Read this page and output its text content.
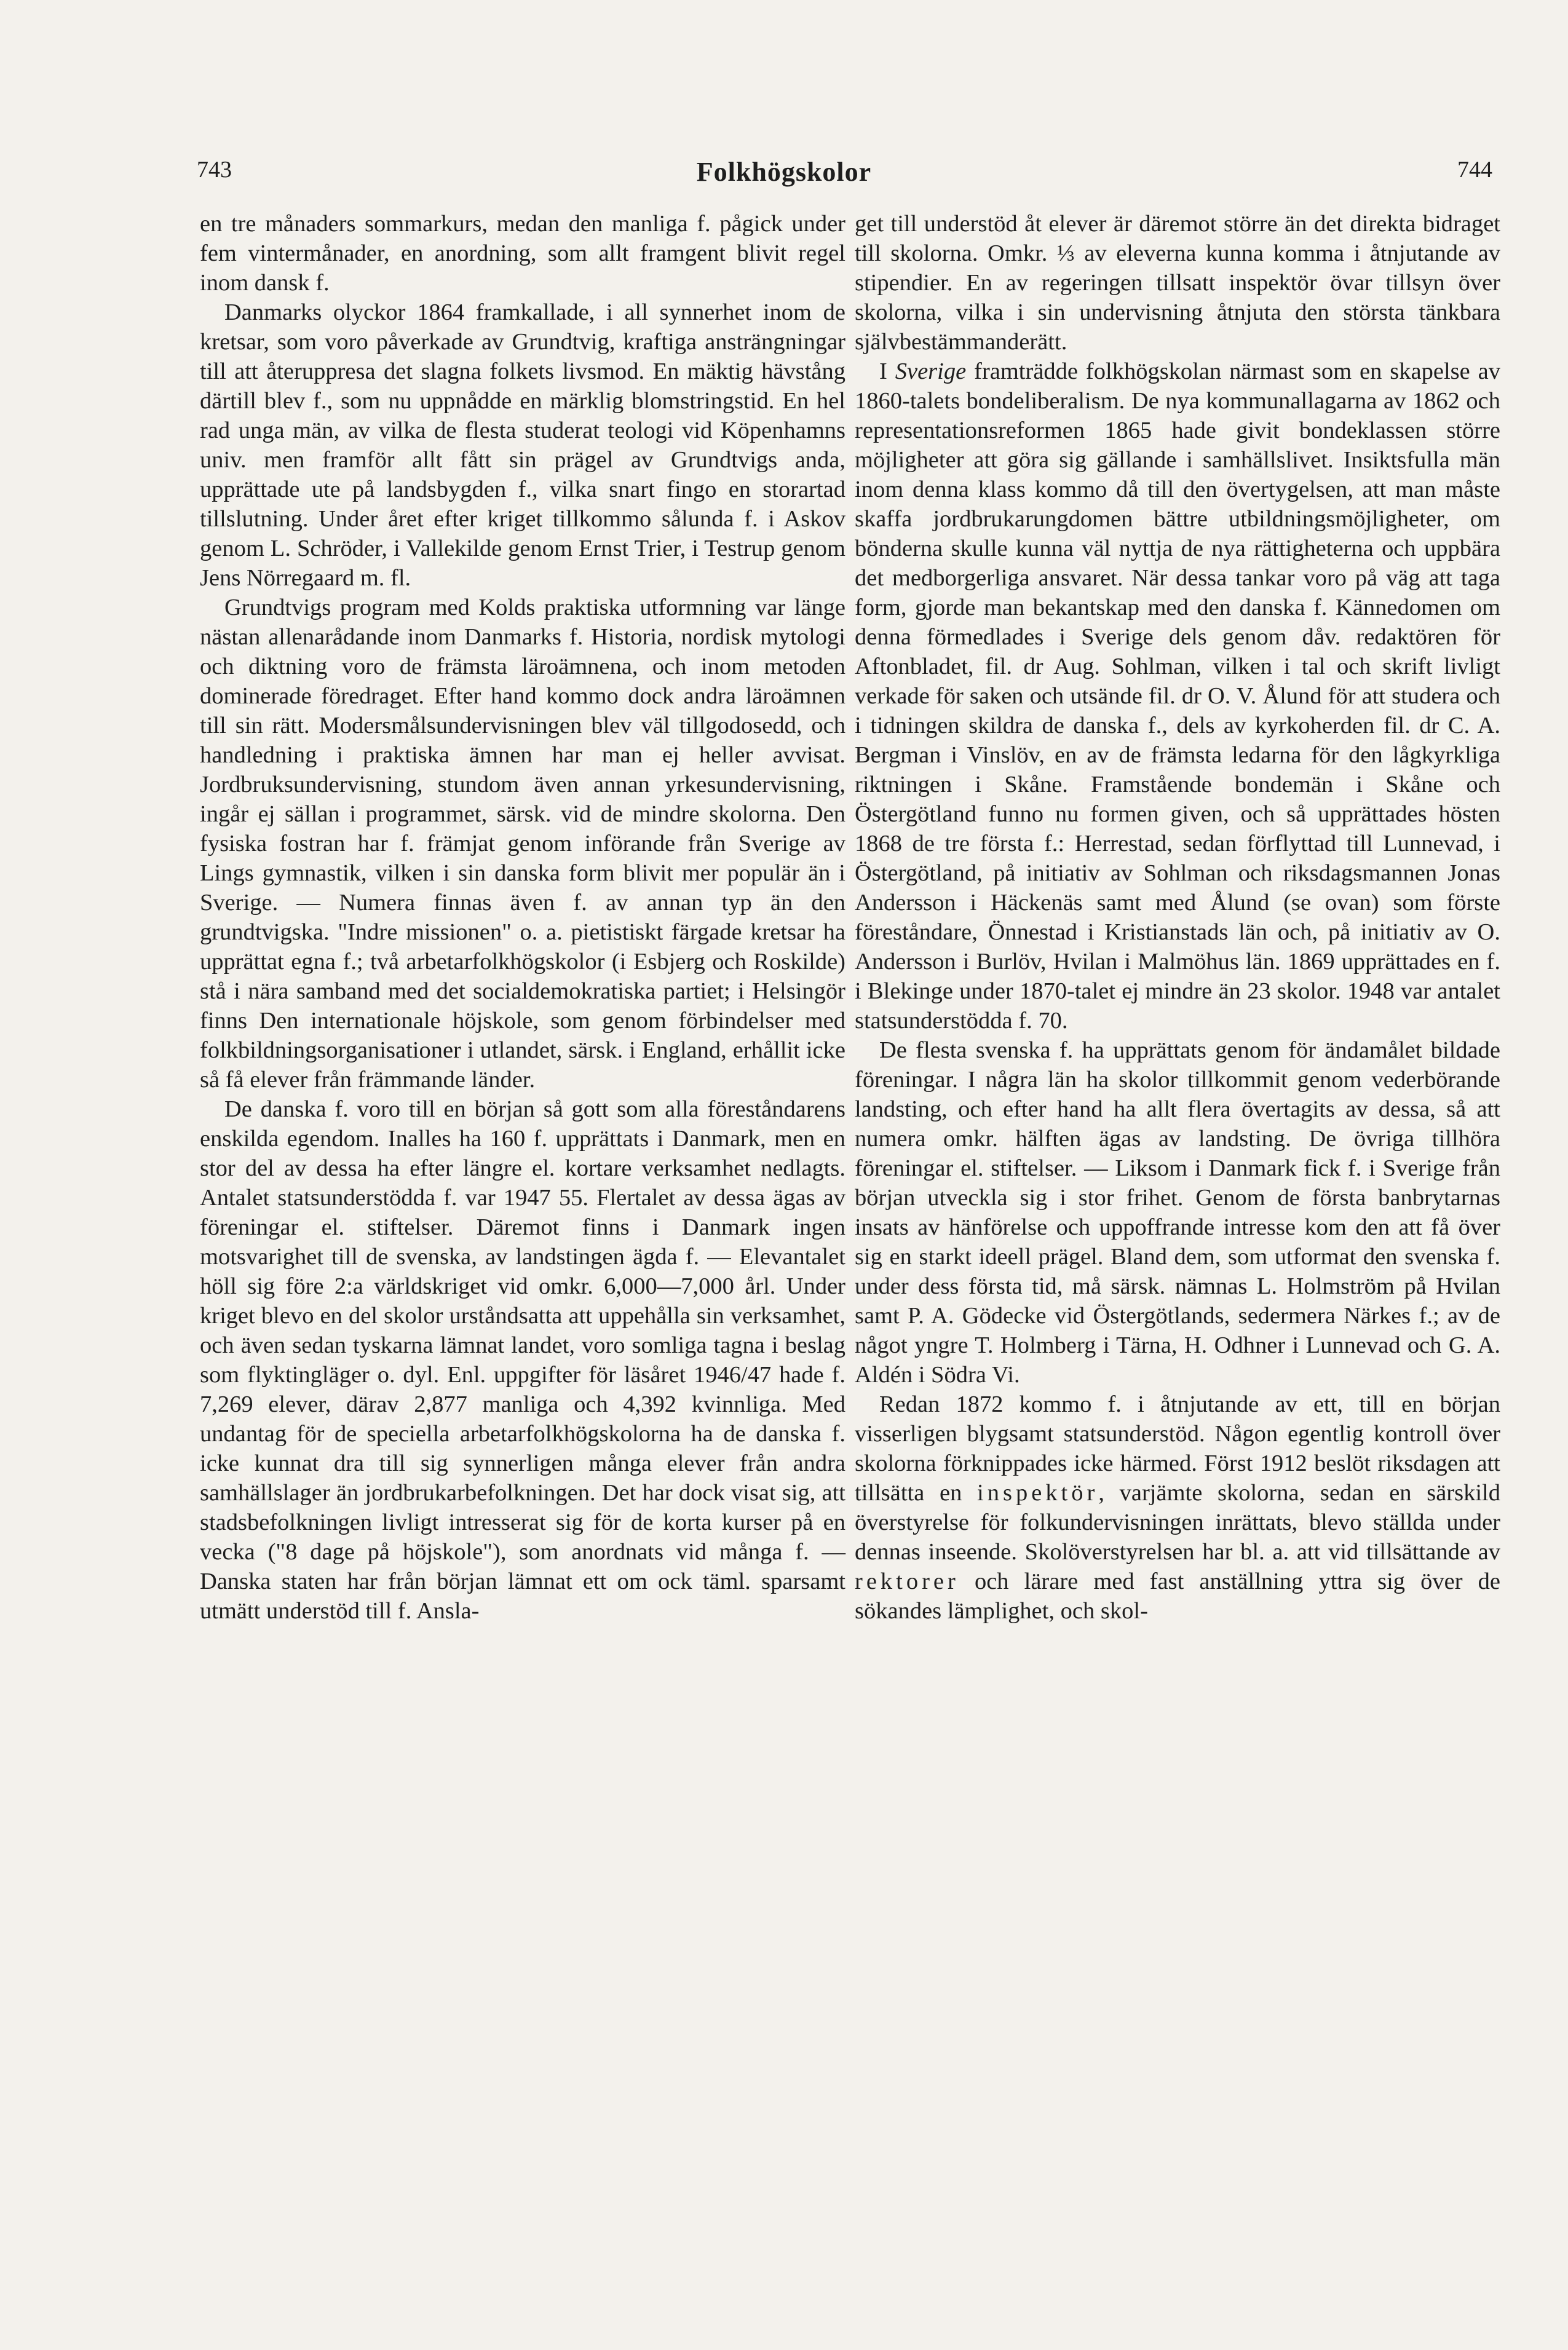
743	Folkhögskolor	744

en tre månaders sommarkurs, medan den manliga f. pågick under fem vintermånader, en anordning, som allt framgent blivit regel inom dansk f.

Danmarks olyckor 1864 framkallade, i all synnerhet inom de kretsar, som voro påverkade av Grundtvig, kraftiga ansträngningar till att återuppresa det slagna folkets livsmod. En mäktig hävstång därtill blev f., som nu uppnådde en märklig blomstringstid. En hel rad unga män, av vilka de flesta studerat teologi vid Köpenhamns univ. men framför allt fått sin prägel av Grundtvigs anda, upprättade ute på landsbygden f., vilka snart fingo en storartad tillslutning. Under året efter kriget tillkommo sålunda f. i Askov genom L. Schröder, i Vallekilde genom Ernst Trier, i Testrup genom Jens Nörregaard m. fl.

Grundtvigs program med Kolds praktiska utformning var länge nästan allenarådande inom Danmarks f. Historia, nordisk mytologi och diktning voro de främsta läroämnena, och inom metoden dominerade föredraget. Efter hand kommo dock andra läroämnen till sin rätt. Modersmålsundervisningen blev väl tillgodosedd, och handledning i praktiska ämnen har man ej heller avvisat. Jordbruksundervisning, stundom även annan yrkesundervisning, ingår ej sällan i programmet, särsk. vid de mindre skolorna. Den fysiska fostran har f. främjat genom införande från Sverige av Lings gymnastik, vilken i sin danska form blivit mer populär än i Sverige. — Numera finnas även f. av annan typ än den grundtvigska. "Indre missionen" o. a. pietistiskt färgade kretsar ha upprättat egna f.; två arbetarfolkhögskolor (i Esbjerg och Roskilde) stå i nära samband med det socialdemokratiska partiet; i Helsingör finns Den internationale höjskole, som genom förbindelser med folkbildningsorganisationer i utlandet, särsk. i England, erhållit icke så få elever från främmande länder.

De danska f. voro till en början så gott som alla föreståndarens enskilda egendom. Inalles ha 160 f. upprättats i Danmark, men en stor del av dessa ha efter längre el. kortare verksamhet nedlagts. Antalet statsunderstödda f. var 1947 55. Flertalet av dessa ägas av föreningar el. stiftelser. Däremot finns i Danmark ingen motsvarighet till de svenska, av landstingen ägda f. — Elevantalet höll sig före 2:a världskriget vid omkr. 6,000—7,000 årl. Under kriget blevo en del skolor urståndsatta att uppehålla sin verksamhet, och även sedan tyskarna lämnat landet, voro somliga tagna i beslag som flyktingläger o. dyl. Enl. uppgifter för läsåret 1946/47 hade f. 7,269 elever, därav 2,877 manliga och 4,392 kvinnliga. Med undantag för de speciella arbetarfolkhögskolorna ha de danska f. icke kunnat dra till sig synnerligen många elever från andra samhällslager än jordbrukarbefolkningen. Det har dock visat sig, att stadsbefolkningen livligt intresserat sig för de korta kurser på en vecka ("8 dage på höjskole"), som anordnats vid många f. — Danska staten har från början lämnat ett om ock täml. sparsamt utmätt understöd till f. Ansla-

get till understöd åt elever är däremot större än det direkta bidraget till skolorna. Omkr. ⅓ av eleverna kunna komma i åtnjutande av stipendier. En av regeringen tillsatt inspektör övar tillsyn över skolorna, vilka i sin undervisning åtnjuta den största tänkbara självbestämmanderätt.

I Sverige framträdde folkhögskolan närmast som en skapelse av 1860-talets bondeliberalism. De nya kommunallagarna av 1862 och representationsreformen 1865 hade givit bondeklassen större möjligheter att göra sig gällande i samhällslivet. Insiktsfulla män inom denna klass kommo då till den övertygelsen, att man måste skaffa jordbrukarungdomen bättre utbildningsmöjligheter, om bönderna skulle kunna väl nyttja de nya rättigheterna och uppbära det medborgerliga ansvaret. När dessa tankar voro på väg att taga form, gjorde man bekantskap med den danska f. Kännedomen om denna förmedlades i Sverige dels genom dåv. redaktören för Aftonbladet, fil. dr Aug. Sohlman, vilken i tal och skrift livligt verkade för saken och utsände fil. dr O. V. Ålund för att studera och i tidningen skildra de danska f., dels av kyrkoherden fil. dr C. A. Bergman i Vinslöv, en av de främsta ledarna för den lågkyrkliga riktningen i Skåne. Framstående bondemän i Skåne och Östergötland funno nu formen given, och så upprättades hösten 1868 de tre första f.: Herrestad, sedan förflyttad till Lunnevad, i Östergötland, på initiativ av Sohlman och riksdagsmannen Jonas Andersson i Häckenäs samt med Ålund (se ovan) som förste föreståndare, Önnestad i Kristianstads län och, på initiativ av O. Andersson i Burlöv, Hvilan i Malmöhus län. 1869 upprättades en f. i Blekinge under 1870-talet ej mindre än 23 skolor. 1948 var antalet statsunderstödda f. 70.

De flesta svenska f. ha upprättats genom för ändamålet bildade föreningar. I några län ha skolor tillkommit genom vederbörande landsting, och efter hand ha allt flera övertagits av dessa, så att numera omkr. hälften ägas av landsting. De övriga tillhöra föreningar el. stiftelser. — Liksom i Danmark fick f. i Sverige från början utveckla sig i stor frihet. Genom de första banbrytarnas insats av hänförelse och uppoffrande intresse kom den att få över sig en starkt ideell prägel. Bland dem, som utformat den svenska f. under dess första tid, må särsk. nämnas L. Holmström på Hvilan samt P. A. Gödecke vid Östergötlands, sedermera Närkes f.; av de något yngre T. Holmberg i Tärna, H. Odhner i Lunnevad och G. A. Aldén i Södra Vi.

Redan 1872 kommo f. i åtnjutande av ett, till en början visserligen blygsamt statsunderstöd. Någon egentlig kontroll över skolorna förknippades icke härmed. Först 1912 beslöt riksdagen att tillsätta en inspektör, varjämte skolorna, sedan en särskild överstyrelse för folkundervisningen inrättats, blevo ställda under dennas inseende. Skolöverstyrelsen har bl. a. att vid tillsättande av rektorer och lärare med fast anställning yttra sig över de sökandes lämplighet, och skol-
